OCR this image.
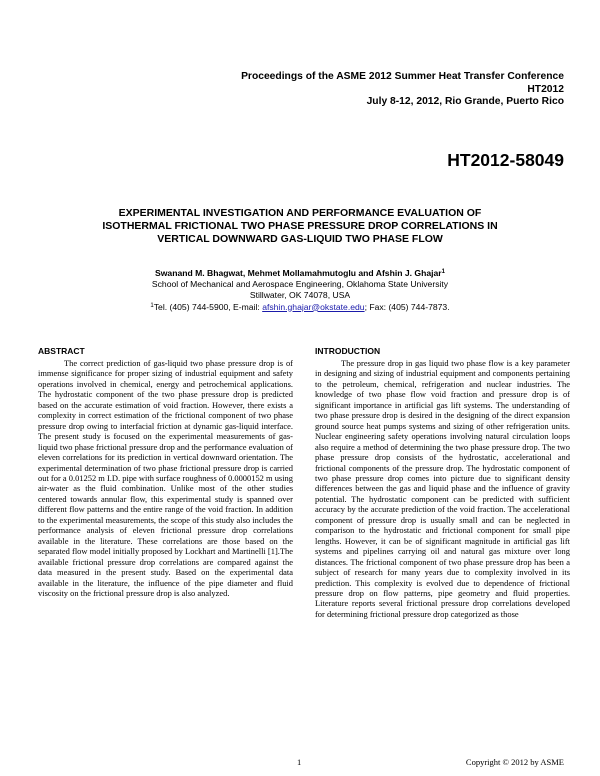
Proceedings of the ASME 2012 Summer Heat Transfer Conference
HT2012
July 8-12, 2012, Rio Grande, Puerto Rico
HT2012-58049
EXPERIMENTAL INVESTIGATION AND PERFORMANCE EVALUATION OF
ISOTHERMAL FRICTIONAL TWO PHASE PRESSURE DROP CORRELATIONS IN
VERTICAL DOWNWARD GAS-LIQUID TWO PHASE FLOW
Swanand M. Bhagwat, Mehmet Mollamahmutoglu and Afshin J. Ghajar$^1$
School of Mechanical and Aerospace Engineering, Oklahoma State University
Stillwater, OK 74078, USA
$^1$Tel. (405) 744-5900, E-mail: afshin.ghajar@okstate.edu; Fax: (405) 744-7873.
ABSTRACT

The correct prediction of gas-liquid two phase pressure drop is of immense significance for proper sizing of industrial equipment and safety operations involved in chemical, energy and petrochemical applications. The hydrostatic component of the two phase pressure drop is predicted based on the accurate estimation of void fraction. However, there exists a complexity in correct estimation of the frictional component of two phase pressure drop owing to interfacial friction at dynamic gas-liquid interface. The present study is focused on the experimental measurements of gas-liquid two phase frictional pressure drop and the performance evaluation of eleven correlations for its prediction in vertical downward orientation. The experimental determination of two phase frictional pressure drop is carried out for a 0.01252 m I.D. pipe with surface roughness of 0.0000152 m using air-water as the fluid combination. Unlike most of the other studies centered towards annular flow, this experimental study is spanned over different flow patterns and the entire range of the void fraction. In addition to the experimental measurements, the scope of this study also includes the performance analysis of eleven frictional pressure drop correlations available in the literature. These correlations are those based on the separated flow model initially proposed by Lockhart and Martinelli [1].The available frictional pressure drop correlations are compared against the data measured in the present study. Based on the experimental data available in the literature, the influence of the pipe diameter and fluid viscosity on the frictional pressure drop is also analyzed.

INTRODUCTION

The pressure drop in gas liquid two phase flow is a key parameter in designing and sizing of industrial equipment and components pertaining to the petroleum, chemical, refrigeration and nuclear industries. The knowledge of two phase flow void fraction and pressure drop is of significant importance in artificial gas lift systems. The understanding of two phase pressure drop is desired in the designing of the direct expansion ground source heat pumps systems and sizing of other refrigeration units. Nuclear engineering safety operations involving natural circulation loops also require a method of determining the two phase pressure drop. The two phase pressure drop consists of the hydrostatic, accelerational and frictional components of the pressure drop. The hydrostatic component of two phase pressure drop comes into picture due to significant density differences between the gas and liquid phase and the influence of gravity potential. The hydrostatic component can be predicted with sufficient accuracy by the accurate prediction of the void fraction. The accelerational component of pressure drop is usually small and can be neglected in comparison to the hydrostatic and frictional component for small pipe lengths. However, it can be of significant magnitude in artificial gas lift systems and pipelines carrying oil and natural gas mixture over long distances. The frictional component of two phase pressure drop has been a subject of research for many years due to complexity involved in its prediction. This complexity is evolved due to dependence of frictional pressure drop on flow patterns, pipe geometry and fluid properties. Literature reports several frictional pressure drop correlations developed for determining frictional pressure drop categorized as those

1	Copyright © 2012 by ASME
